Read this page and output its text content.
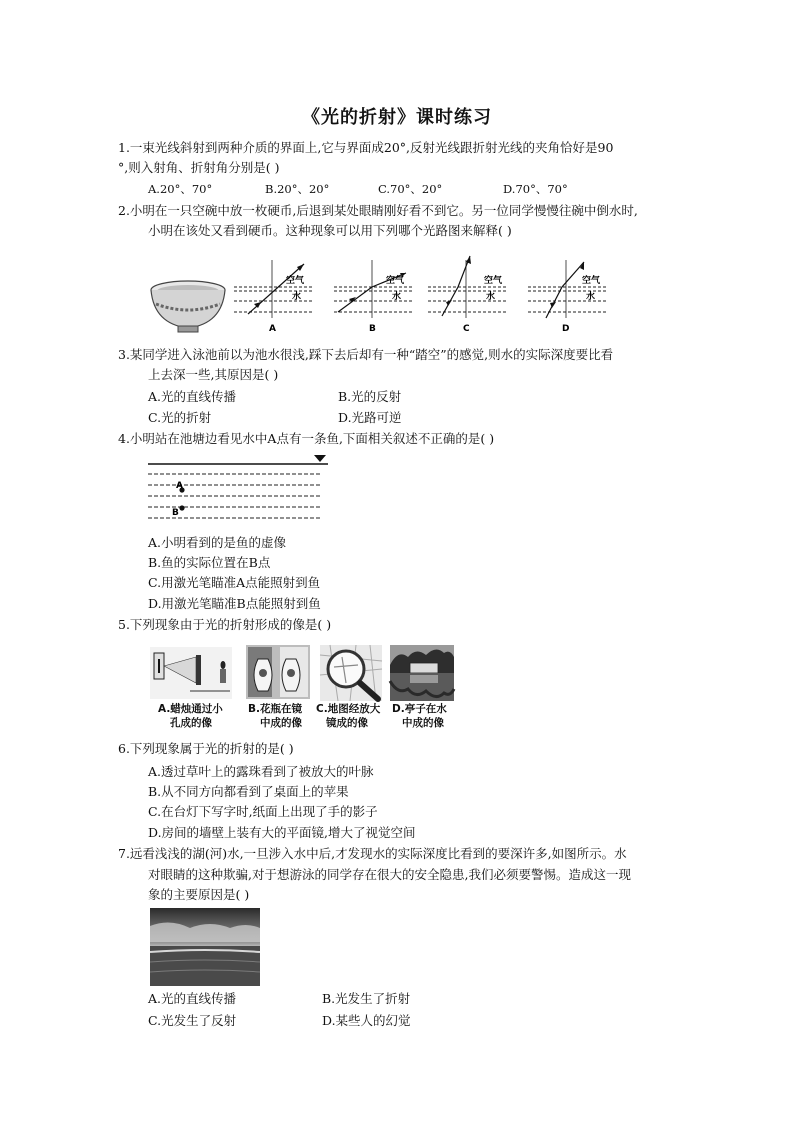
《光的折射》课时练习
1.一束光线斜射到两种介质的界面上,它与界面成20°,反射光线跟折射光线的夹角恰好是90
°,则入射角、折射角分别是( )
A.20°、70°	B.20°、20°	C.70°、20°	D.70°、70°
2.小明在一只空碗中放一枚硬币,后退到某处眼睛刚好看不到它。另一位同学慢慢往碗中倒水时,
小明在该处又看到硬币。这种现象可以用下列哪个光路图来解释( )
空气
水
A
空气
水
B
空气
水
C
空气
水
D
3.某同学进入泳池前以为池水很浅,踩下去后却有一种“踏空”的感觉,则水的实际深度要比看
上去深一些,其原因是( )
A.光的直线传播	B.光的反射
C.光的折射	D.光路可逆
4.小明站在池塘边看见水中A点有一条鱼,下面相关叙述不正确的是( )
A
B
A.小明看到的是鱼的虚像
B.鱼的实际位置在B点
C.用激光笔瞄准A点能照射到鱼
D.用激光笔瞄准B点能照射到鱼
5.下列现象由于光的折射形成的像是( )
A.蜡烛通过小
孔成的像
B.花瓶在镜
中成的像
C.地图经放大
镜成的像
D.亭子在水
中成的像
6.下列现象属于光的折射的是( )
A.透过草叶上的露珠看到了被放大的叶脉
B.从不同方向都看到了桌面上的苹果
C.在台灯下写字时,纸面上出现了手的影子
D.房间的墙壁上装有大的平面镜,增大了视觉空间
7.远看浅浅的湖(河)水,一旦涉入水中后,才发现水的实际深度比看到的要深许多,如图所示。水
对眼睛的这种欺骗,对于想游泳的同学存在很大的安全隐患,我们必须要警惕。造成这一现
象的主要原因是( )
A.光的直线传播	B.光发生了折射
C.光发生了反射	D.某些人的幻觉
